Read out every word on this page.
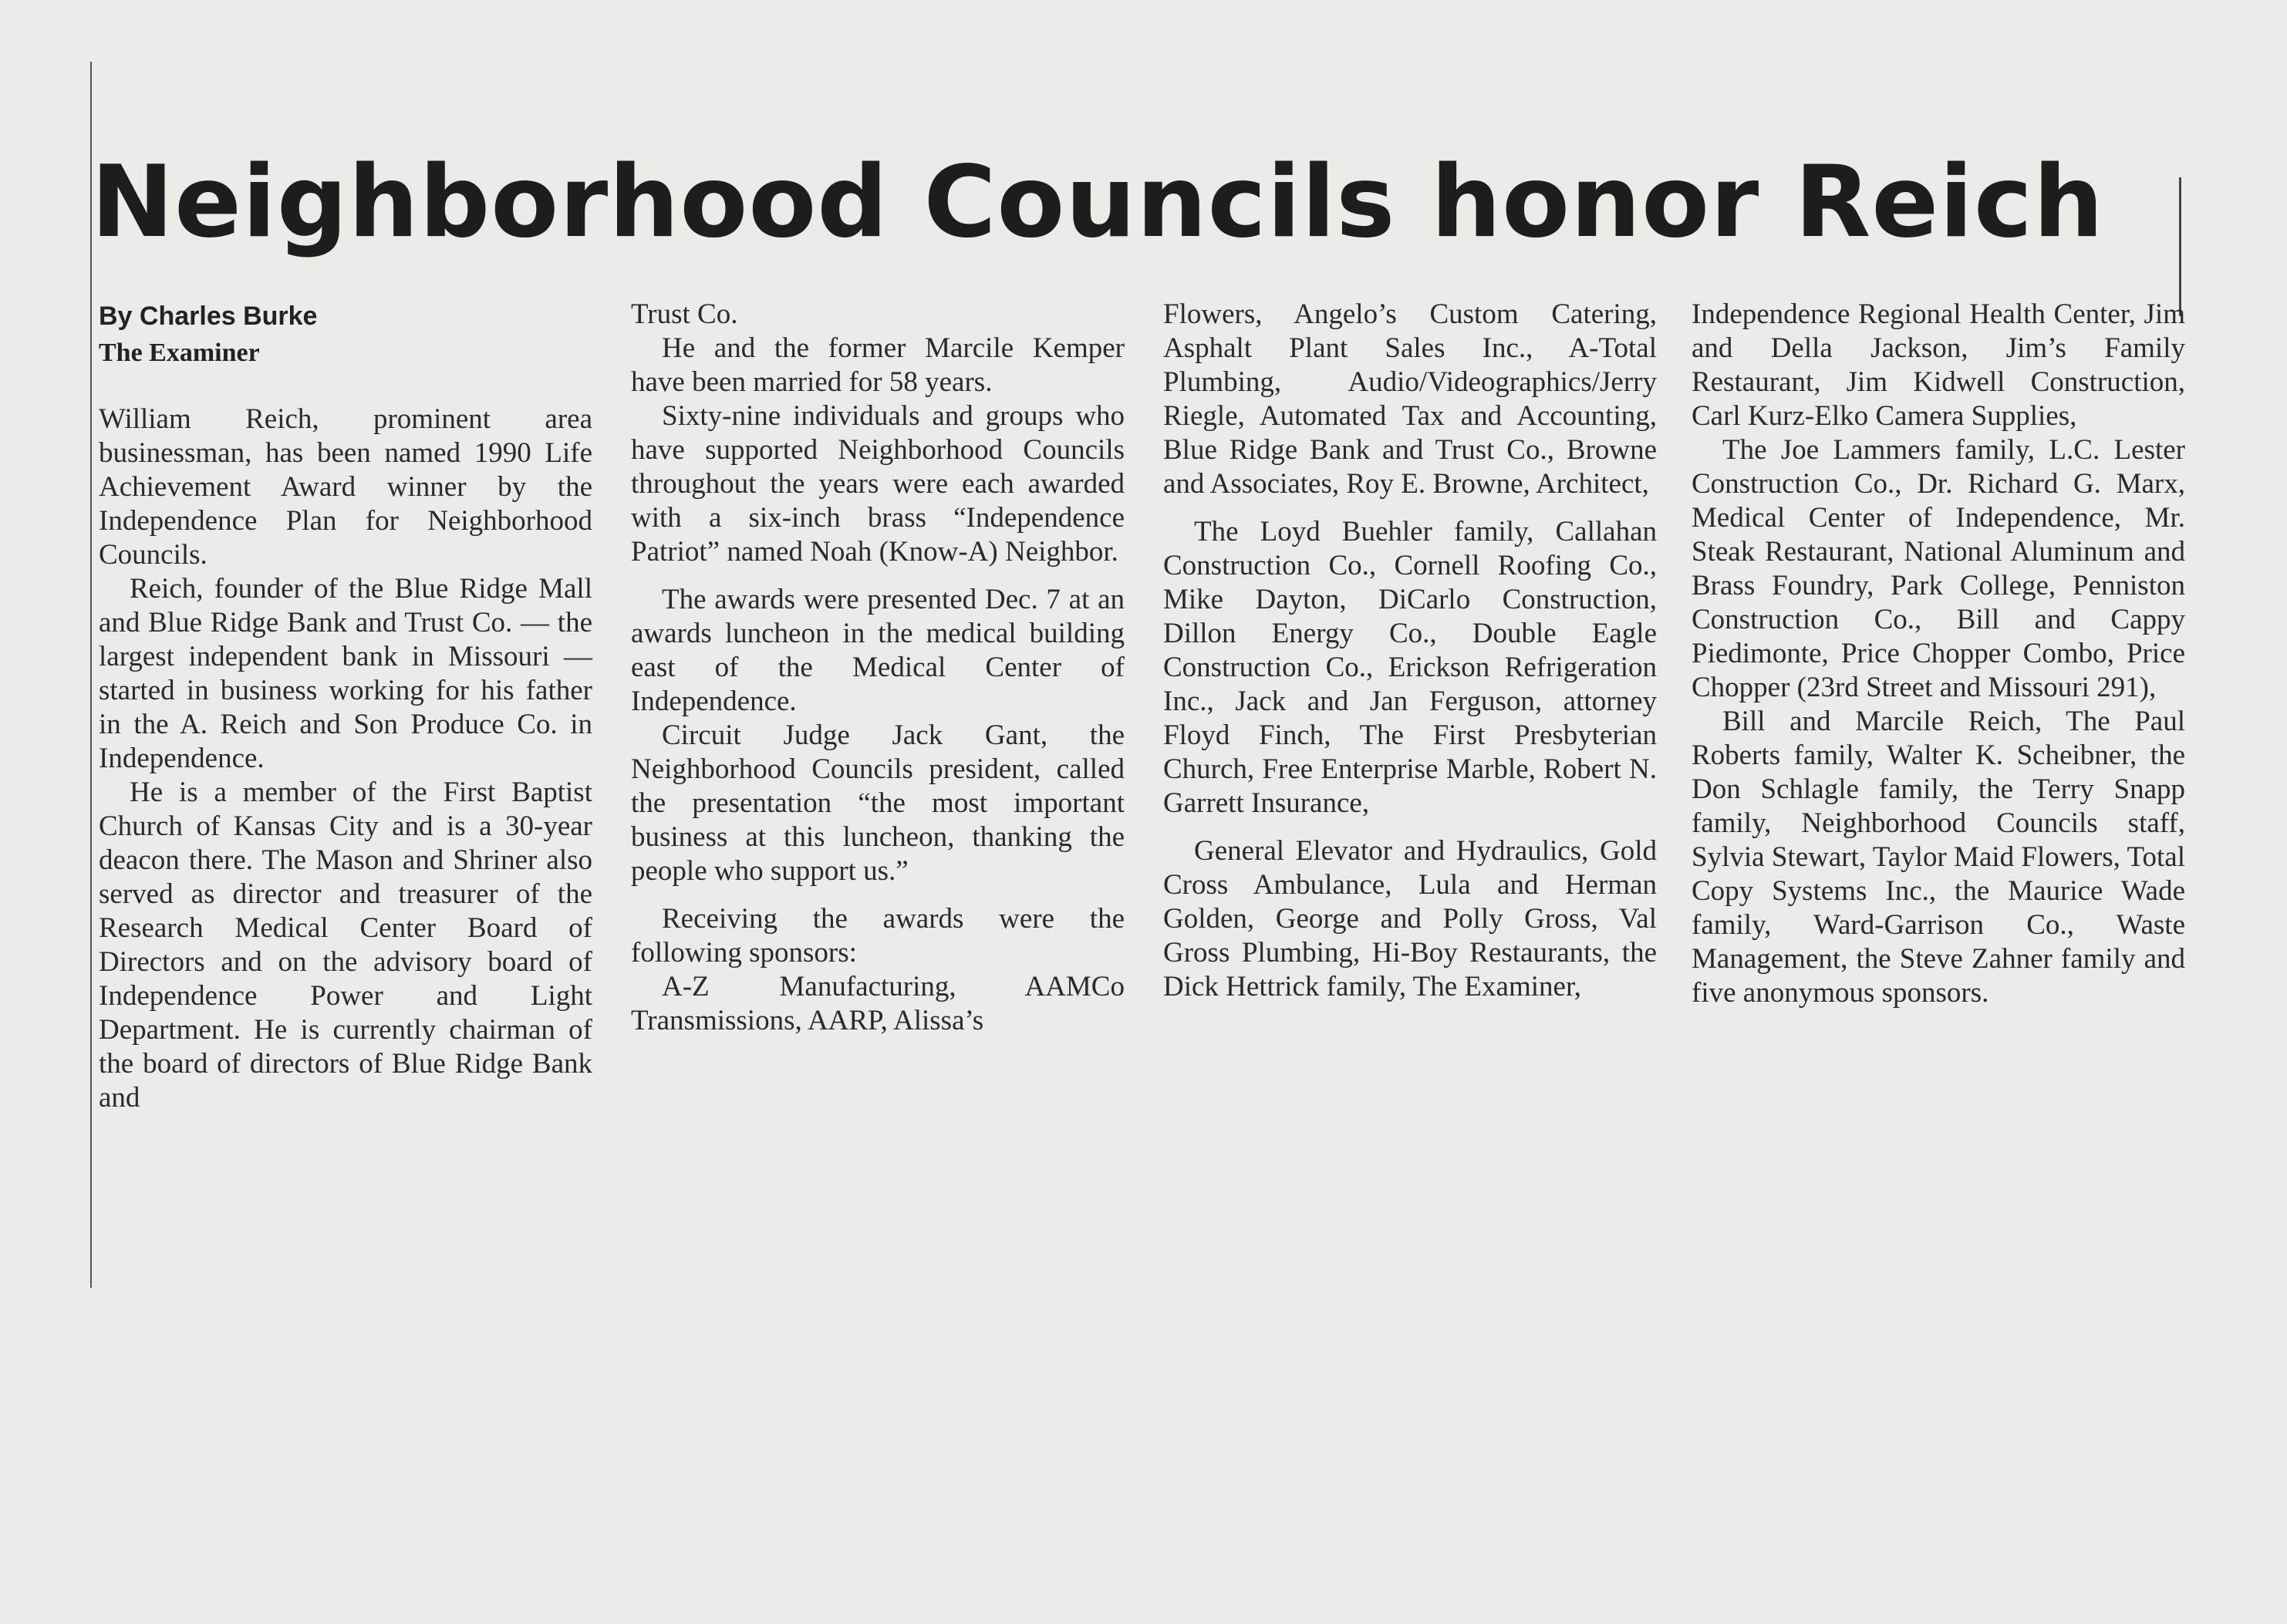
Neighborhood Councils honor Reich
By Charles Burke
The Examiner

William Reich, prominent area businessman, has been named 1990 Life Achievement Award winner by the Independence Plan for Neighborhood Councils.

Reich, founder of the Blue Ridge Mall and Blue Ridge Bank and Trust Co. — the largest independent bank in Missouri — started in business working for his father in the A. Reich and Son Produce Co. in Independence.

He is a member of the First Baptist Church of Kansas City and is a 30-year deacon there. The Mason and Shriner also served as director and treasurer of the Research Medical Center Board of Directors and on the advisory board of Independence Power and Light Department. He is currently chairman of the board of directors of Blue Ridge Bank and

Trust Co.

He and the former Marcile Kemper have been married for 58 years.

Sixty-nine individuals and groups who have supported Neighborhood Councils throughout the years were each awarded with a six-inch brass “Independence Patriot” named Noah (Know-A) Neighbor.

The awards were presented Dec. 7 at an awards luncheon in the medical building east of the Medical Center of Independence.

Circuit Judge Jack Gant, the Neighborhood Councils president, called the presentation “the most important business at this luncheon, thanking the people who support us.”

Receiving the awards were the following sponsors:

A-Z Manufacturing, AAMCo Transmissions, AARP, Alissa’s

Flowers, Angelo’s Custom Catering, Asphalt Plant Sales Inc., A-Total Plumbing, Audio/Videographics/Jerry Riegle, Automated Tax and Accounting, Blue Ridge Bank and Trust Co., Browne and Associates, Roy E. Browne, Architect,

The Loyd Buehler family, Callahan Construction Co., Cornell Roofing Co., Mike Dayton, DiCarlo Construction, Dillon Energy Co., Double Eagle Construction Co., Erickson Refrigeration Inc., Jack and Jan Ferguson, attorney Floyd Finch, The First Presbyterian Church, Free Enterprise Marble, Robert N. Garrett Insurance,

General Elevator and Hydraulics, Gold Cross Ambulance, Lula and Herman Golden, George and Polly Gross, Val Gross Plumbing, Hi-Boy Restaurants, the Dick Hettrick family, The Examiner,

Independence Regional Health Center, Jim and Della Jackson, Jim’s Family Restaurant, Jim Kidwell Construction, Carl Kurz-Elko Camera Supplies,

The Joe Lammers family, L.C. Lester Construction Co., Dr. Richard G. Marx, Medical Center of Independence, Mr. Steak Restaurant, National Aluminum and Brass Foundry, Park College, Penniston Construction Co., Bill and Cappy Piedimonte, Price Chopper Combo, Price Chopper (23rd Street and Missouri 291),

Bill and Marcile Reich, The Paul Roberts family, Walter K. Scheibner, the Don Schlagle family, the Terry Snapp family, Neighborhood Councils staff, Sylvia Stewart, Taylor Maid Flowers, Total Copy Systems Inc., the Maurice Wade family, Ward-Garrison Co., Waste Management, the Steve Zahner family and five anonymous sponsors.
